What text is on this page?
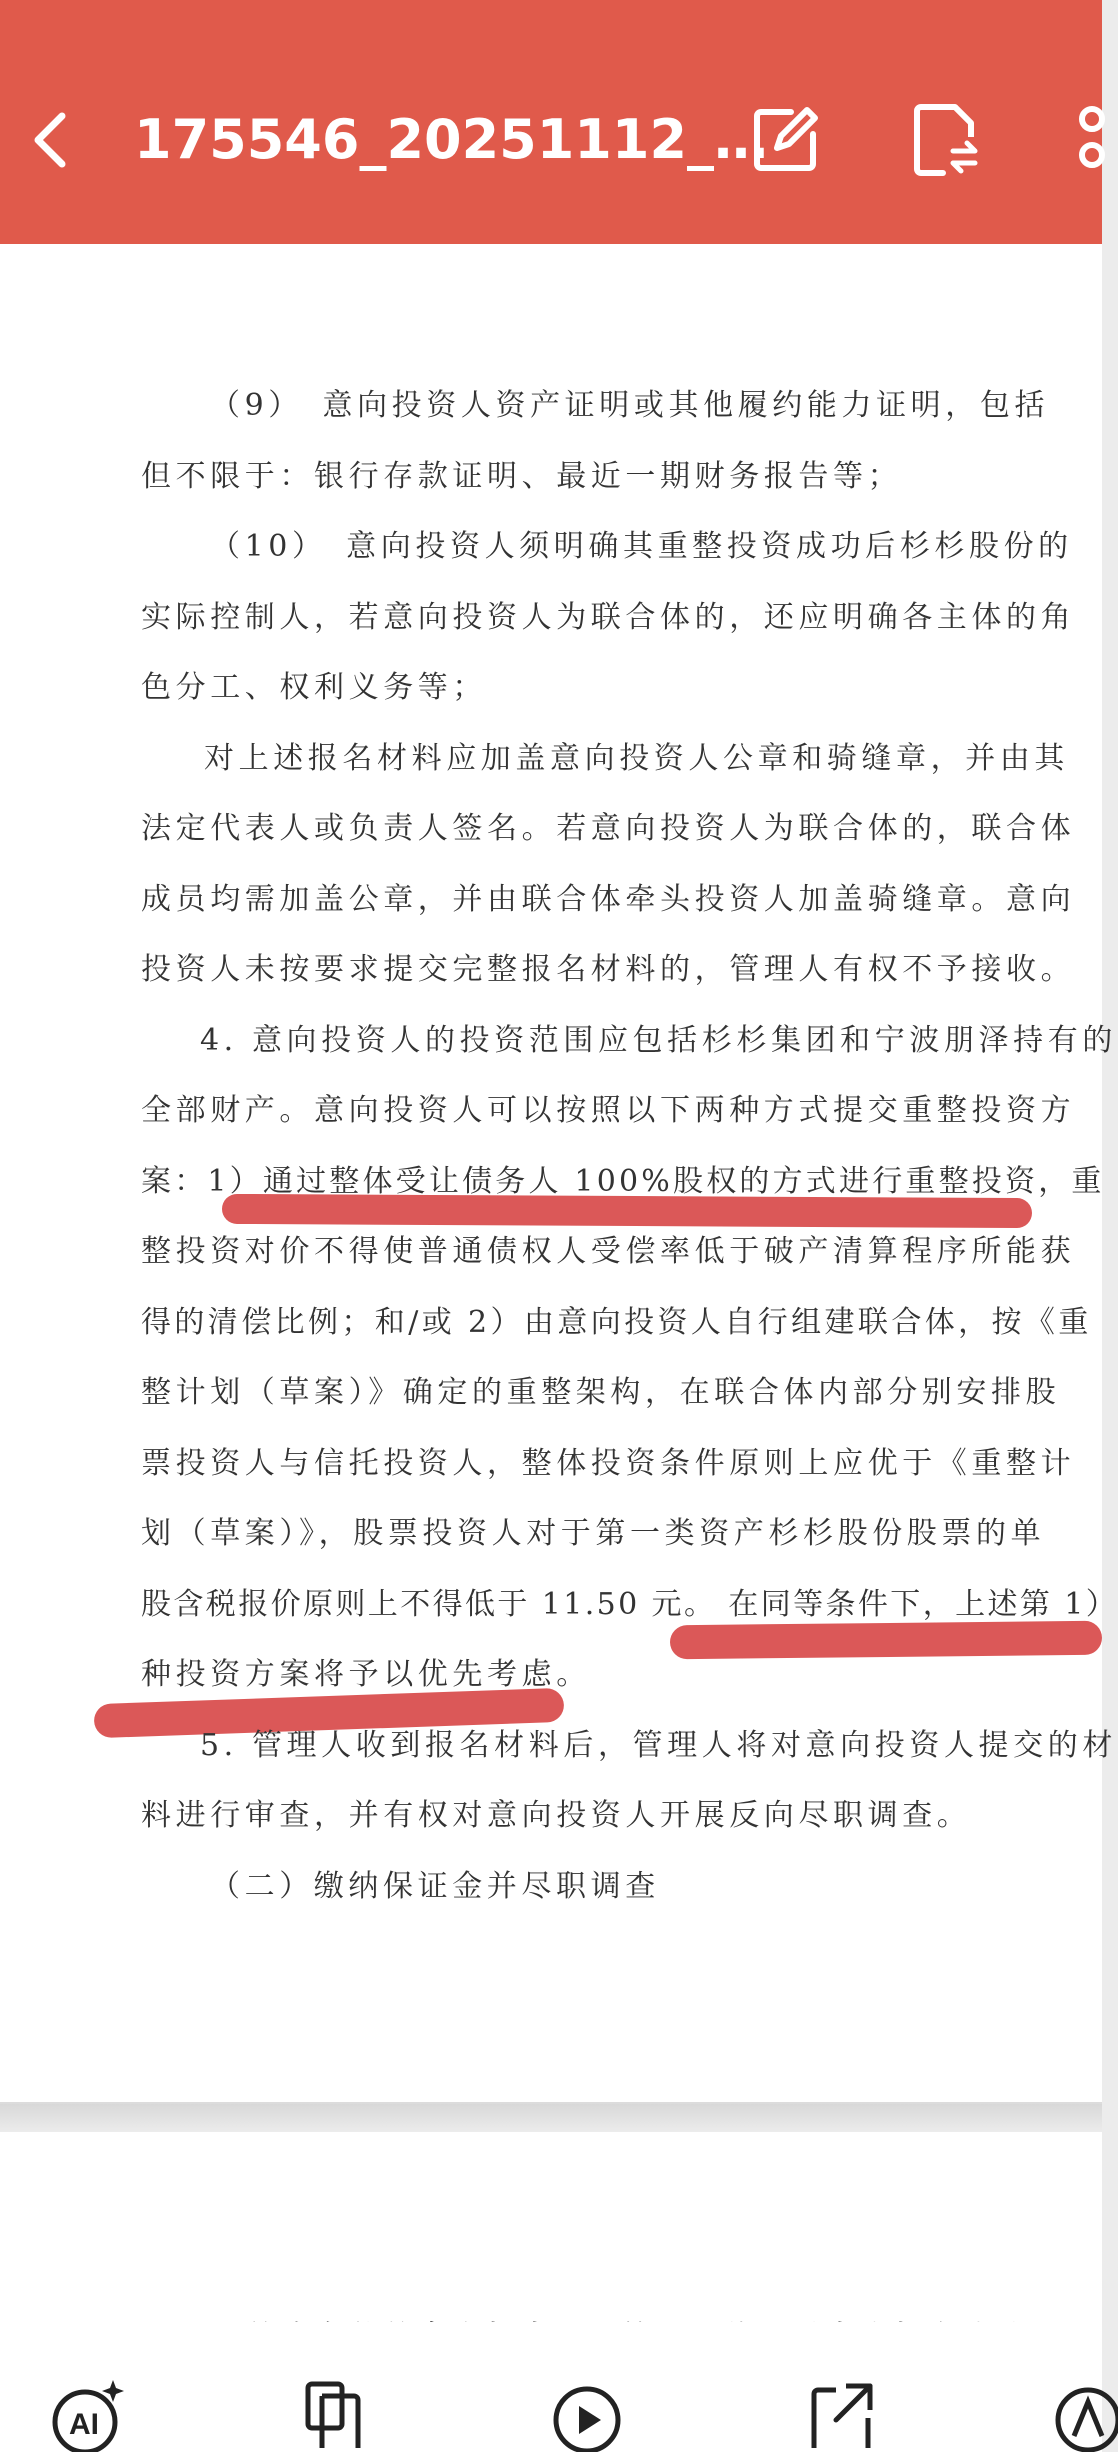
175546_20251112_…
（9）　意向投资人资产证明或其他履约能力证明，包括
但不限于：银行存款证明、最近一期财务报告等；
（10）　意向投资人须明确其重整投资成功后杉杉股份的
实际控制人，若意向投资人为联合体的，还应明确各主体的角
色分工、权利义务等；
对上述报名材料应加盖意向投资人公章和骑缝章，并由其
法定代表人或负责人签名。若意向投资人为联合体的，联合体
成员均需加盖公章，并由联合体牵头投资人加盖骑缝章。意向
投资人未按要求提交完整报名材料的，管理人有权不予接收。
4. 意向投资人的投资范围应包括杉杉集团和宁波朋泽持有的
全部财产。意向投资人可以按照以下两种方式提交重整投资方
案：1）通过整体受让债务人 100%股权的方式进行重整投资，重
整投资对价不得使普通债权人受偿率低于破产清算程序所能获
得的清偿比例；和/或 2）由意向投资人自行组建联合体，按《重
整计划（草案）》确定的重整架构，在联合体内部分别安排股
票投资人与信托投资人，整体投资条件原则上应优于《重整计
划（草案）》，股票投资人对于第一类资产杉杉股份股票的单
股含税报价原则上不得低于 11.50 元。 在同等条件下，上述第 1）
种投资方案将予以优先考虑。
5. 管理人收到报名材料后，管理人将对意向投资人提交的材
料进行审查，并有权对意向投资人开展反向尽职调查。
（二）缴纳保证金并尽职调查
AI
